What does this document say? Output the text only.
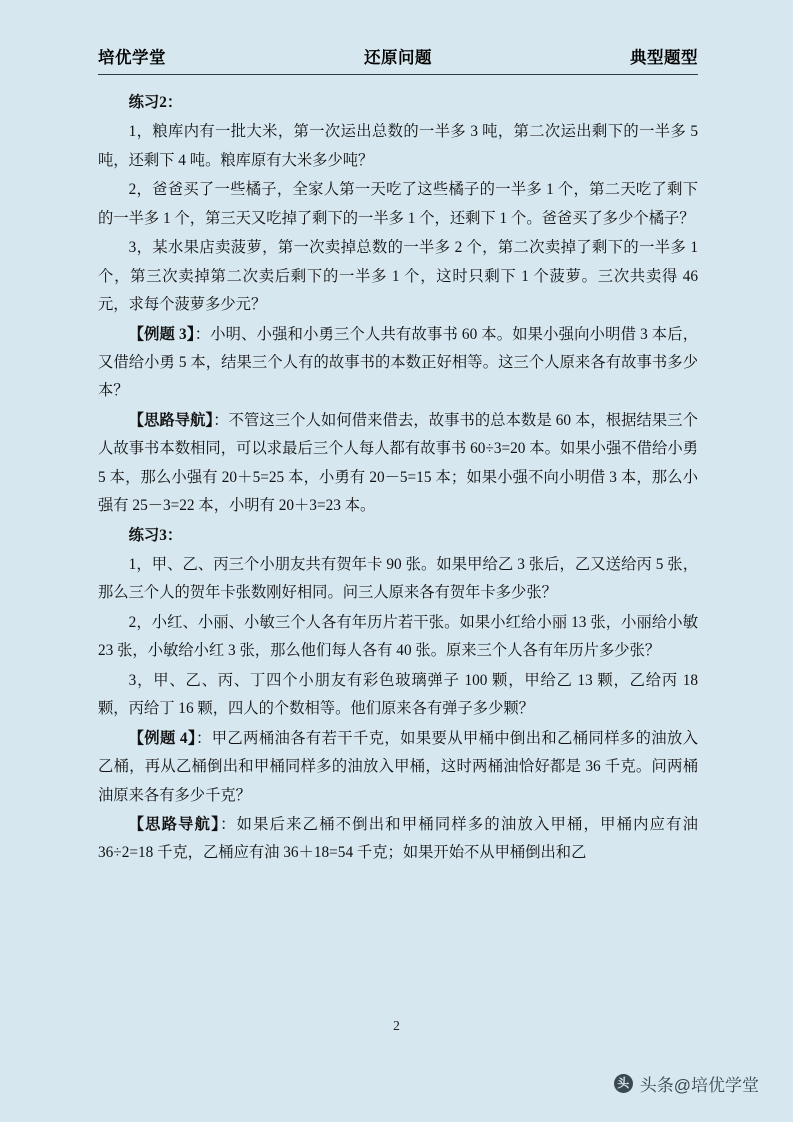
培优学堂	还原问题	典型题型

练习2：

1，粮库内有一批大米，第一次运出总数的一半多 3 吨，第二次运出剩下的一半多 5 吨，还剩下 4 吨。粮库原有大米多少吨？

2，爸爸买了一些橘子，全家人第一天吃了这些橘子的一半多 1 个，第二天吃了剩下的一半多 1 个，第三天又吃掉了剩下的一半多 1 个，还剩下 1 个。爸爸买了多少个橘子？

3，某水果店卖菠萝，第一次卖掉总数的一半多 2 个，第二次卖掉了剩下的一半多 1 个，第三次卖掉第二次卖后剩下的一半多 1 个，这时只剩下 1 个菠萝。三次共卖得 46 元，求每个菠萝多少元？

【例题 3】：小明、小强和小勇三个人共有故事书 60 本。如果小强向小明借 3 本后，又借给小勇 5 本，结果三个人有的故事书的本数正好相等。这三个人原来各有故事书多少本？

【思路导航】：不管这三个人如何借来借去，故事书的总本数是 60 本，根据结果三个人故事书本数相同，可以求最后三个人每人都有故事书 60÷3=20 本。如果小强不借给小勇 5 本，那么小强有 20＋5=25 本，小勇有 20－5=15 本；如果小强不向小明借 3 本，那么小强有 25－3=22 本，小明有 20＋3=23 本。

练习3：

1，甲、乙、丙三个小朋友共有贺年卡 90 张。如果甲给乙 3 张后，乙又送给丙 5 张，那么三个人的贺年卡张数刚好相同。问三人原来各有贺年卡多少张？

2，小红、小丽、小敏三个人各有年历片若干张。如果小红给小丽 13 张，小丽给小敏 23 张，小敏给小红 3 张，那么他们每人各有 40 张。原来三个人各有年历片多少张？

3，甲、乙、丙、丁四个小朋友有彩色玻璃弹子 100 颗，甲给乙 13 颗，乙给丙 18 颗，丙给丁 16 颗，四人的个数相等。他们原来各有弹子多少颗？

【例题 4】：甲乙两桶油各有若干千克，如果要从甲桶中倒出和乙桶同样多的油放入乙桶，再从乙桶倒出和甲桶同样多的油放入甲桶，这时两桶油恰好都是 36 千克。问两桶油原来各有多少千克？

【思路导航】：如果后来乙桶不倒出和甲桶同样多的油放入甲桶，甲桶内应有油 36÷2=18 千克，乙桶应有油 36＋18=54 千克；如果开始不从甲桶倒出和乙

2
头 头条@培优学堂
